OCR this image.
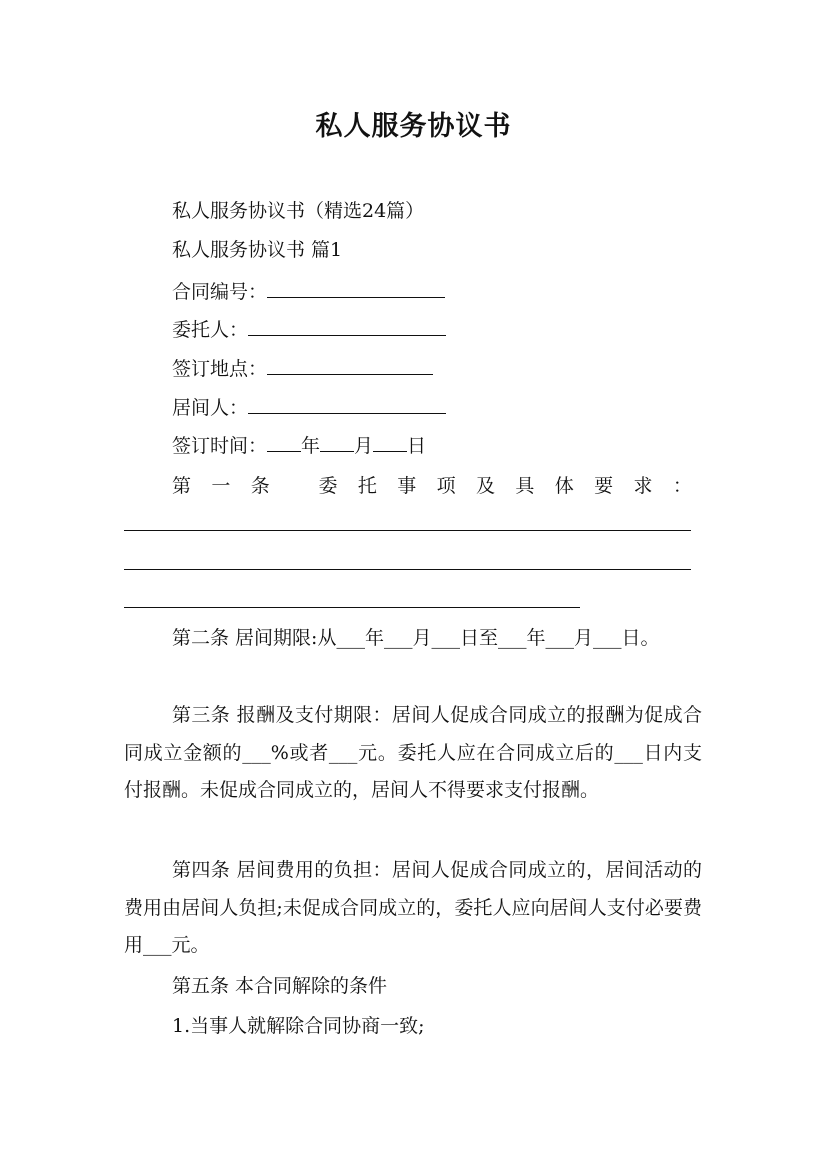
私人服务协议书
私人服务协议书（精选24篇）
私人服务协议书 篇1
合同编号：
委托人：
签订地点：
居间人：
签订时间： 年 月 日
第 一 条	委 托 事 项 及 具 体 要 求 ：

第二条 居间期限:从___年___月___日至___年___月___日。

第三条 报酬及支付期限：居间人促成合同成立的报酬为促成合同成立金额的___%或者___元。委托人应在合同成立后的___日内支付报酬。未促成合同成立的，居间人不得要求支付报酬。

第四条 居间费用的负担：居间人促成合同成立的，居间活动的费用由居间人负担;未促成合同成立的，委托人应向居间人支付必要费用___元。

第五条 本合同解除的条件

1.当事人就解除合同协商一致;
